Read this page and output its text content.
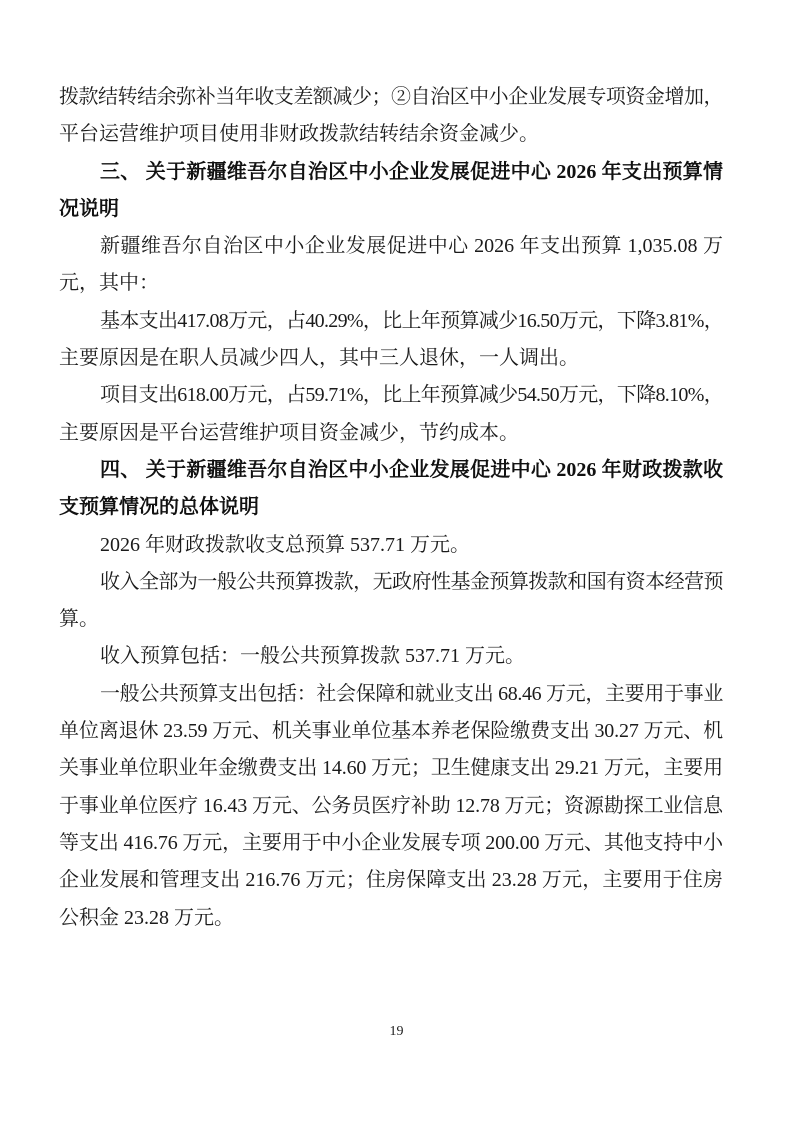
拨款结转结余弥补当年收支差额减少；②自治区中小企业发展专项资金增加，
平台运营维护项目使用非财政拨款结转结余资金减少。
三、 关于新疆维吾尔自治区中小企业发展促进中心 2026 年支出预算情
况说明
新疆维吾尔自治区中小企业发展促进中心 2026 年支出预算 1,035.08 万
元，其中：
基本支出417.08万元，占40.29%，比上年预算减少16.50万元，下降3.81%，
主要原因是在职人员减少四人，其中三人退休，一人调出。
项目支出618.00万元，占59.71%，比上年预算减少54.50万元，下降8.10%，
主要原因是平台运营维护项目资金减少，节约成本。
四、 关于新疆维吾尔自治区中小企业发展促进中心 2026 年财政拨款收
支预算情况的总体说明
2026 年财政拨款收支总预算 537.71 万元。
收入全部为一般公共预算拨款，无政府性基金预算拨款和国有资本经营预
算。
收入预算包括：一般公共预算拨款 537.71 万元。
一般公共预算支出包括：社会保障和就业支出 68.46 万元，主要用于事业
单位离退休 23.59 万元、机关事业单位基本养老保险缴费支出 30.27 万元、机
关事业单位职业年金缴费支出 14.60 万元；卫生健康支出 29.21 万元，主要用
于事业单位医疗 16.43 万元、公务员医疗补助 12.78 万元；资源勘探工业信息
等支出 416.76 万元，主要用于中小企业发展专项 200.00 万元、其他支持中小
企业发展和管理支出 216.76 万元；住房保障支出 23.28 万元，主要用于住房
公积金 23.28 万元。
19
